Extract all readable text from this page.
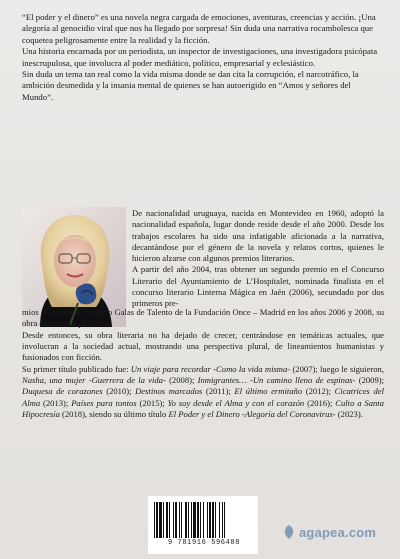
“El poder y el dinero” es una novela negra cargada de emociones, aventuras, creencias y acción. ¡Una alegoría al genocidio viral que nos ha llegado por sorpresa! Sin duda una narrativa rocambolesca que coquetea peligrosamente entre la realidad y la ficción.

Una historia encarnada por un periodista, un inspector de investigaciones, una investigadora psicópata inescrupulosa, que involucra al poder mediático, político, empresarial y eclesiástico.

Sin duda un tema tan real como la vida misma donde se dan cita la corrupción, el narcotráfico, la ambición desmedida y la insania mental de quienes se han autoerigido en “Amos y señores del Mundo”.

De nacionalidad uruguaya, nacida en Montevideo en 1960, adoptó la nacionalidad española, lugar donde reside desde el año 2000. Desde los trabajos escolares ha sido una infatigable aficionada a la narrativa, decantándose por el género de la novela y relatos cortos, quienes le hicieron alzarse con algunos premios literarios.

A partir del año 2004, tras obtener un segundo premio en el Concurso Literario del Ayuntamiento de L’Hospitalet, nominada finalista en el concurso literario Linterna Mágica en Jaén (2006), secundado por dos primeros pre-

mios en concurso literario Galas de Talento de la Fundación Once – Madrid en los años 2006 y 2008, su obra comenzó a proliferar.

Desde entonces, su obra literaria no ha dejado de crecer, centrándose en temáticas actuales, que involucran a la sociedad actual, mostrando una perspectiva plural, de lineamientos humanistas y fusionados con ficción.

Su primer título publicado fue: Un viaje para recordar -Como la vida misma- (2007); luego le siguieron, Nasha, una mujer -Guerrera de la vida- (2008); Inmigrantes… -Un camino lleno de espinas- (2009); Duquesa de corazones (2010); Destinos marcados (2011); El último ermitaño (2012); Cicatrices del Alma (2013); Países para tontos (2015); Yo soy desde el Alma y con el corazón (2016); Culto a Santa Hipocresía (2018), siendo su último título El Poder y el Dinero -Alegoría del Coronavirus- (2023).

9 781916 596488
agapea.com
